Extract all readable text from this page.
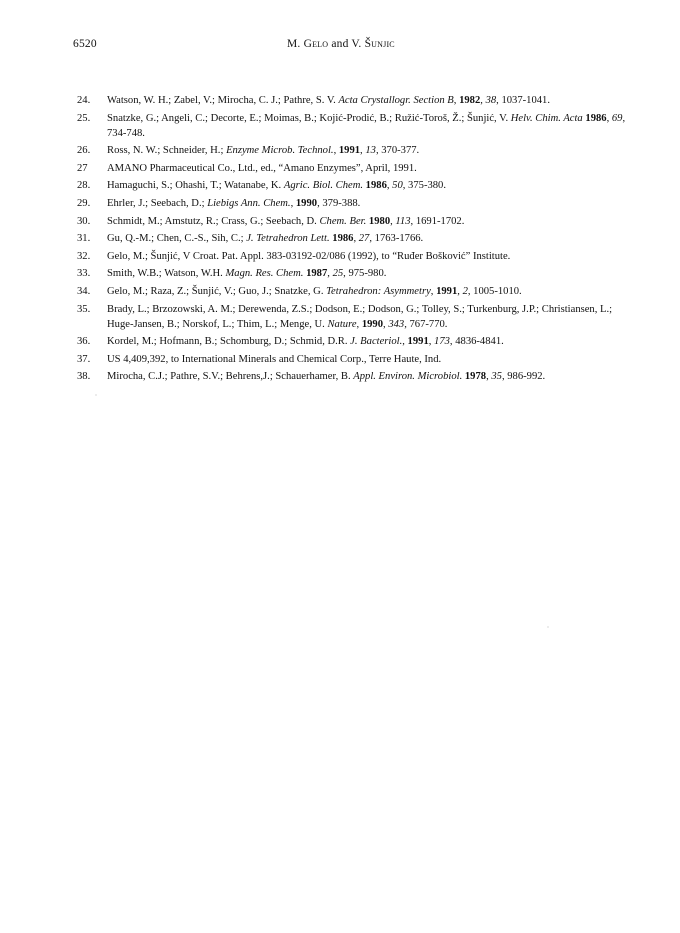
6520	M. Gelo and V. Šunjic
24. Watson, W. H.; Zabel, V.; Mirocha, C. J.; Pathre, S. V. Acta Crystallogr. Section B, 1982, 38, 1037-1041.
25. Snatzke, G.; Angeli, C.; Decorte, E.; Moimas, B.; Kojić-Prodić, B.; Ružić-Toroš, Ž.; Šunjić, V. Helv. Chim. Acta 1986, 69, 734-748.
26. Ross, N. W.; Schneider, H.; Enzyme Microb. Technol., 1991, 13, 370-377.
27 AMANO Pharmaceutical Co., Ltd., ed., “Amano Enzymes”, April, 1991.
28. Hamaguchi, S.; Ohashi, T.; Watanabe, K. Agric. Biol. Chem. 1986, 50, 375-380.
29. Ehrler, J.; Seebach, D.; Liebigs Ann. Chem., 1990, 379-388.
30. Schmidt, M.; Amstutz, R.; Crass, G.; Seebach, D. Chem. Ber. 1980, 113, 1691-1702.
31. Gu, Q.-M.; Chen, C.-S., Sih, C.; J. Tetrahedron Lett. 1986, 27, 1763-1766.
32. Gelo, M.; Šunjić, V Croat. Pat. Appl. 383-03192-02/086 (1992), to “Ruđer Bošković” Institute.
33. Smith, W.B.; Watson, W.H. Magn. Res. Chem. 1987, 25, 975-980.
34. Gelo, M.; Raza, Z.; Šunjić, V.; Guo, J.; Snatzke, G. Tetrahedron: Asymmetry, 1991, 2, 1005-1010.
35. Brady, L.; Brzozowski, A. M.; Derewenda, Z.S.; Dodson, E.; Dodson, G.; Tolley, S.; Turkenburg, J.P.; Christiansen, L.; Huge-Jansen, B.; Norskof, L.; Thim, L.; Menge, U. Nature, 1990, 343, 767-770.
36. Kordel, M.; Hofmann, B.; Schomburg, D.; Schmid, D.R. J. Bacteriol., 1991, 173, 4836-4841.
37. US 4,409,392, to International Minerals and Chemical Corp., Terre Haute, Ind.
38. Mirocha, C.J.; Pathre, S.V.; Behrens,J.; Schauerhamer, B. Appl. Environ. Microbiol. 1978, 35, 986-992.
